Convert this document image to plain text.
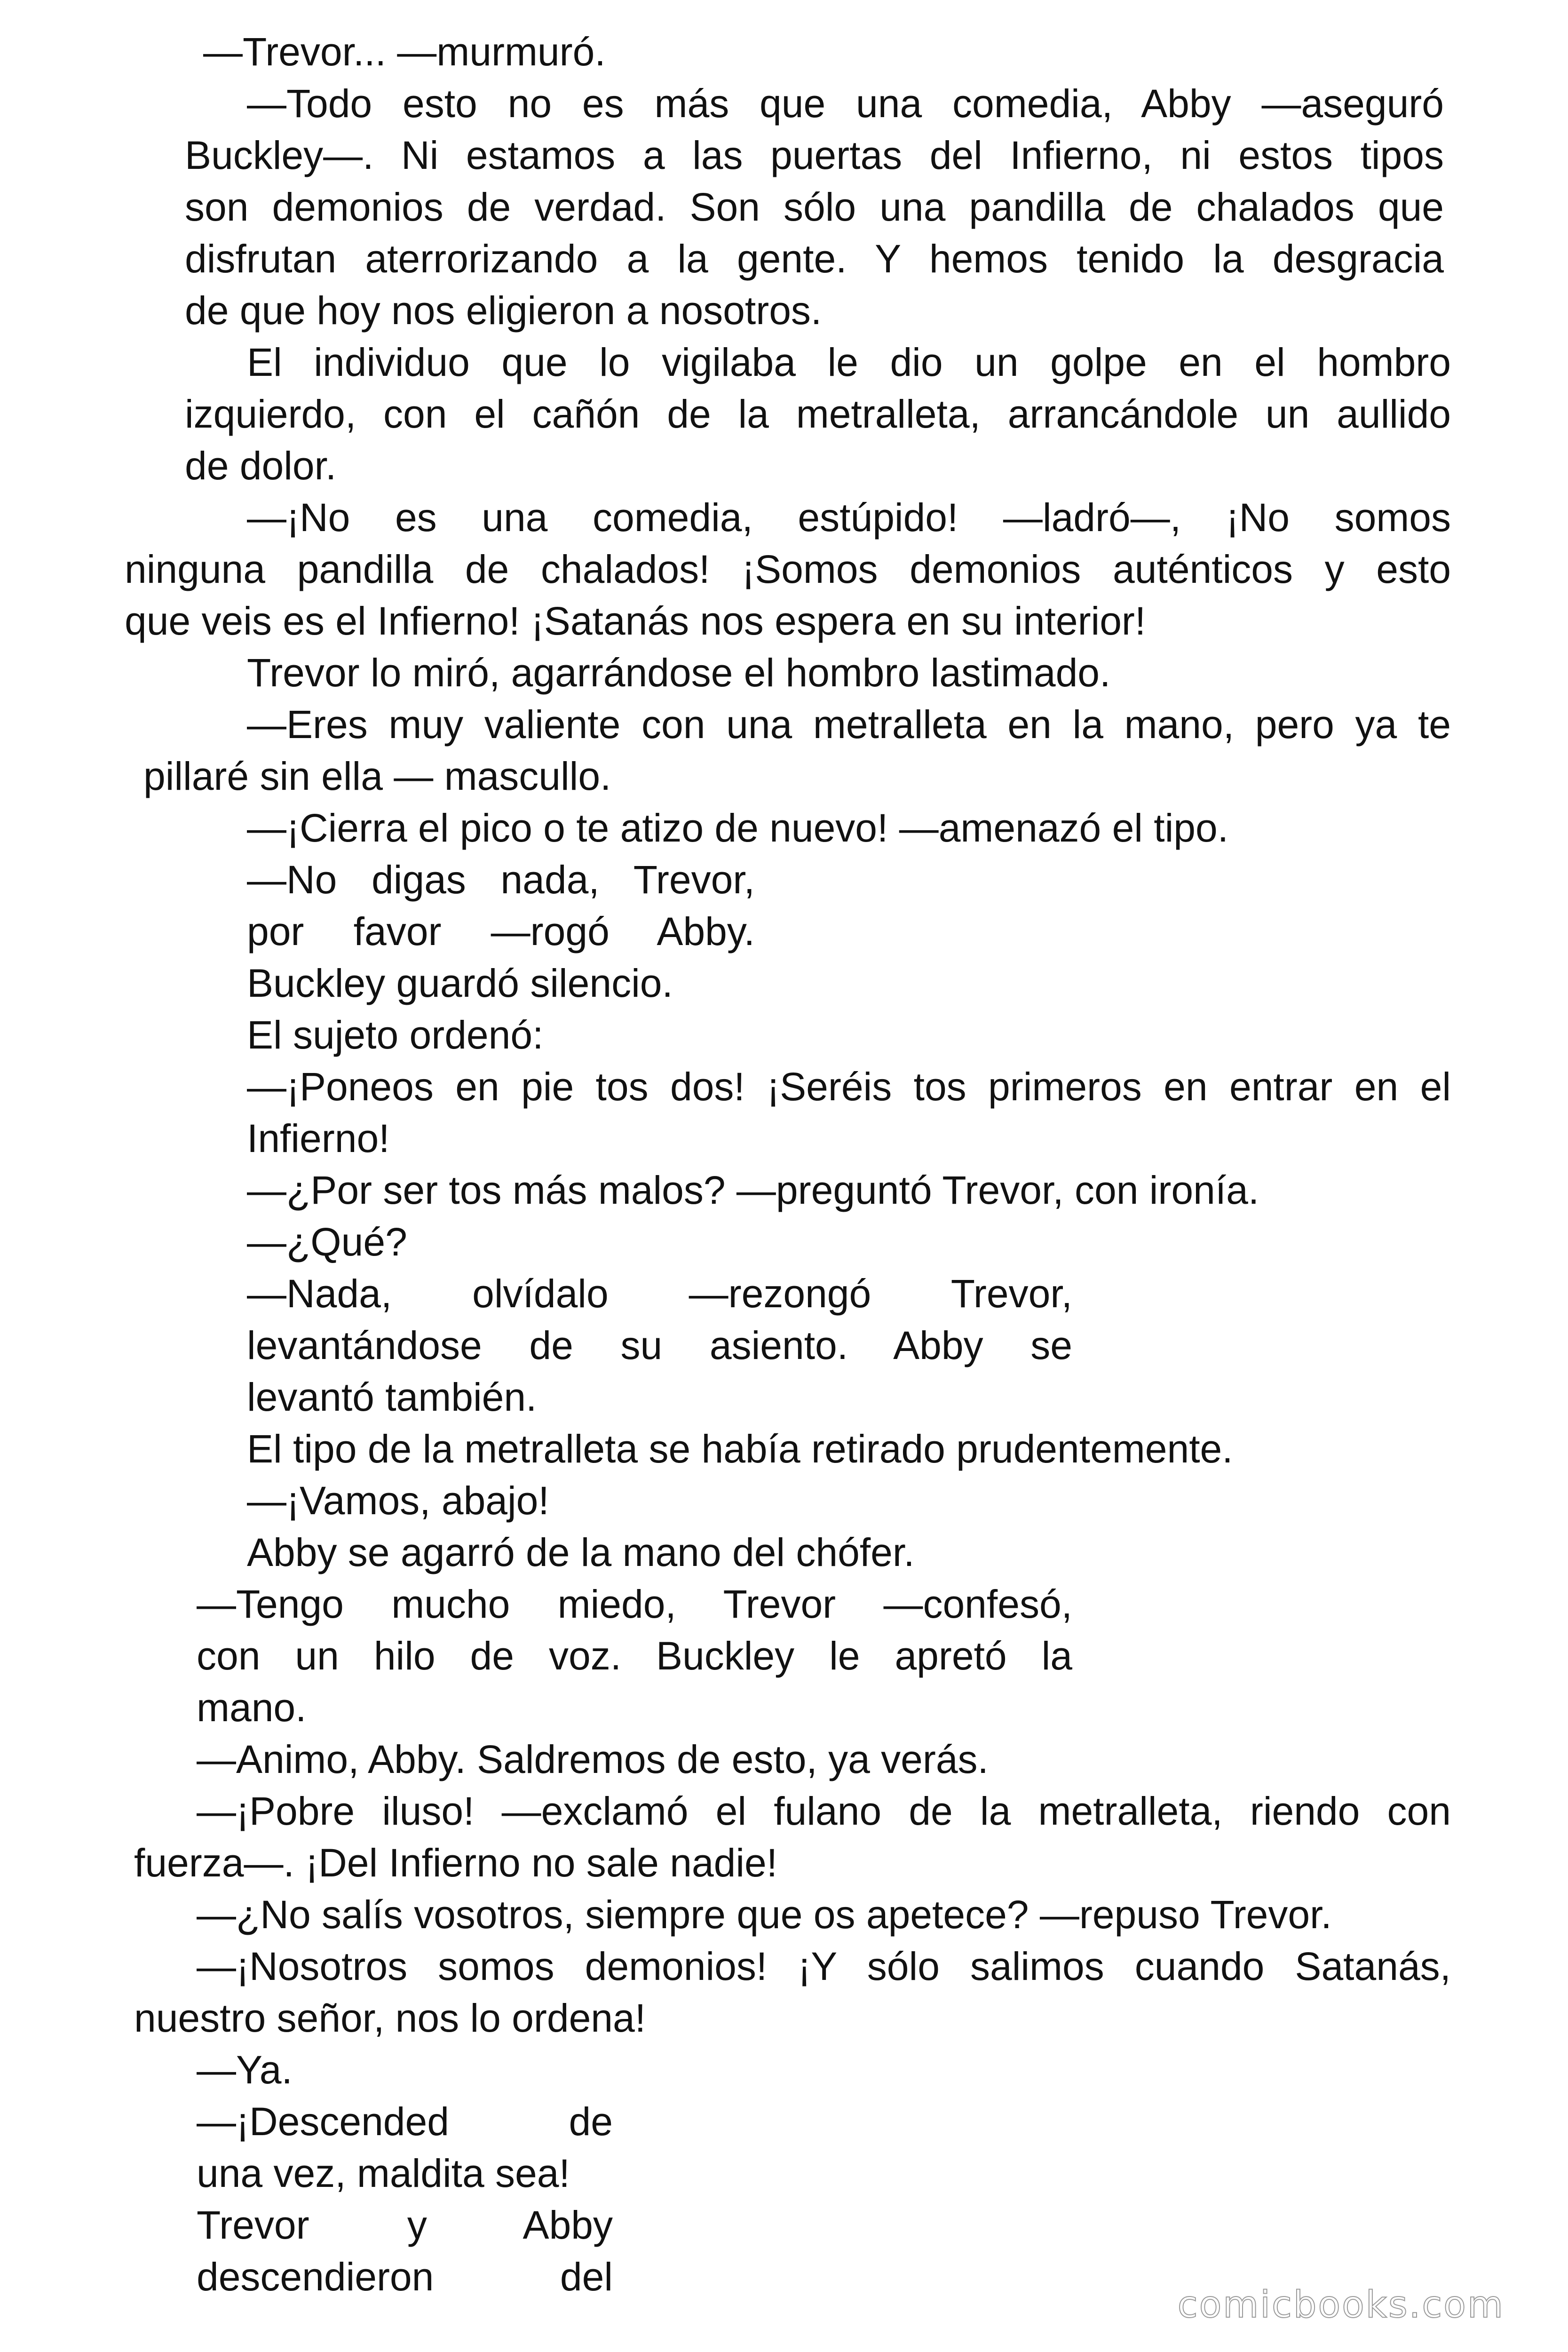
—Trevor... —murmuró.
—Todo esto no es más que una comedia, Abby —aseguró
Buckley—. Ni estamos a las puertas del Infierno, ni estos tipos
son demonios de verdad. Son sólo una pandilla de chalados que
disfrutan aterrorizando a la gente. Y hemos tenido la desgracia
de que hoy nos eligieron a nosotros.
El individuo que lo vigilaba le dio un golpe en el hombro
izquierdo, con el cañón de la metralleta, arrancándole un aullido
de dolor.
—¡No es una comedia, estúpido! —ladró—, ¡No somos
ninguna pandilla de chalados! ¡Somos demonios auténticos y esto
que veis es el Infierno! ¡Satanás nos espera en su interior!
Trevor lo miró, agarrándose el hombro lastimado.
—Eres muy valiente con una metralleta en la mano, pero ya te
pillaré sin ella — mascullo.
—¡Cierra el pico o te atizo de nuevo! —amenazó el tipo.
—No digas nada, Trevor,
por favor —rogó Abby.
Buckley guardó silencio.
El sujeto ordenó:
—¡Poneos en pie tos dos! ¡Seréis tos primeros en entrar en el
Infierno!
—¿Por ser tos más malos? —preguntó Trevor, con ironía.
—¿Qué?
—Nada, olvídalo —rezongó Trevor,
levantándose de su asiento. Abby se
levantó también.
El tipo de la metralleta se había retirado prudentemente.
—¡Vamos, abajo!
Abby se agarró de la mano del chófer.
—Tengo mucho miedo, Trevor —confesó,
con un hilo de voz. Buckley le apretó la
mano.
—Animo, Abby. Saldremos de esto, ya verás.
—¡Pobre iluso! —exclamó el fulano de la metralleta, riendo con
fuerza—. ¡Del Infierno no sale nadie!
—¿No salís vosotros, siempre que os apetece? —repuso Trevor.
—¡Nosotros somos demonios! ¡Y sólo salimos cuando Satanás,
nuestro señor, nos lo ordena!
—Ya.
—¡Descended de
una vez, maldita sea!
Trevor y Abby
descendieron del
comicbooks.com
